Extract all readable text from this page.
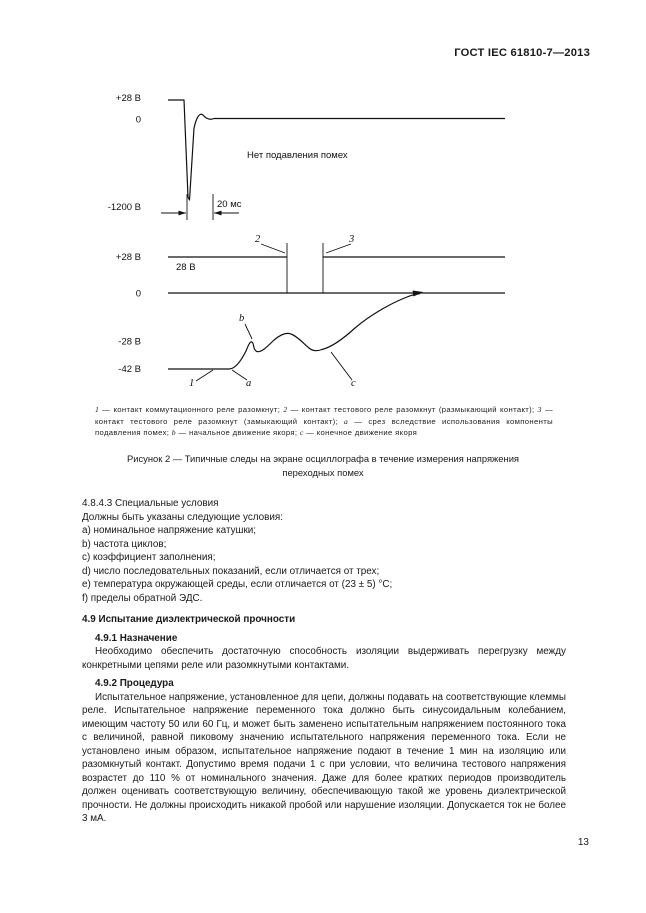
ГОСТ IEC 61810-7—2013
+28 В
0
-1200 В	20 мс
Нет подавления помех
+28 В
28 В
0
-28 В
-42 В
2	3
b
1	a	c
1 — контакт коммутационного реле разомкнут; 2 — контакт тестового реле разомкнут (размыкающий контакт); 3 — контакт тестового реле разомкнут (замыкающий контакт); a — срез вследствие использования компоненты подавления помех; b — начальное движение якоря; c — конечное движение якоря
Рисунок 2 — Типичные следы на экране осциллографа в течение измерения напряжения переходных помех
4.8.4.3 Специальные условия
Должны быть указаны следующие условия:
a) номинальное напряжение катушки;
b) частота циклов;
c) коэффициент заполнения;
d) число последовательных показаний, если отличается от трех;
e) температура окружающей среды, если отличается от (23 ± 5) °С;
f) пределы обратной ЭДС.
4.9 Испытание диэлектрической прочности
4.9.1 Назначение

Необходимо обеспечить достаточную способность изоляции выдерживать перегрузку между конкретными цепями реле или разомкнутыми контактами.

4.9.2 Процедура

Испытательное напряжение, установленное для цепи, должны подавать на соответствующие клеммы реле. Испытательное напряжение переменного тока должно быть синусоидальным колебанием, имеющим частоту 50 или 60 Гц, и может быть заменено испытательным напряжением постоянного тока с величиной, равной пиковому значению испытательного напряжения переменного тока. Если не установлено иным образом, испытательное напряжение подают в течение 1 мин на изоляцию или разомкнутый контакт. Допустимо время подачи 1 с при условии, что величина тестового напряжения возрастет до 110 % от номинального значения. Даже для более кратких периодов производитель должен оценивать соответствующую величину, обеспечивающую такой же уровень диэлектрической прочности. Не должны происходить никакой пробой или нарушение изоляции. Допускается ток не более 3 мА.

13
